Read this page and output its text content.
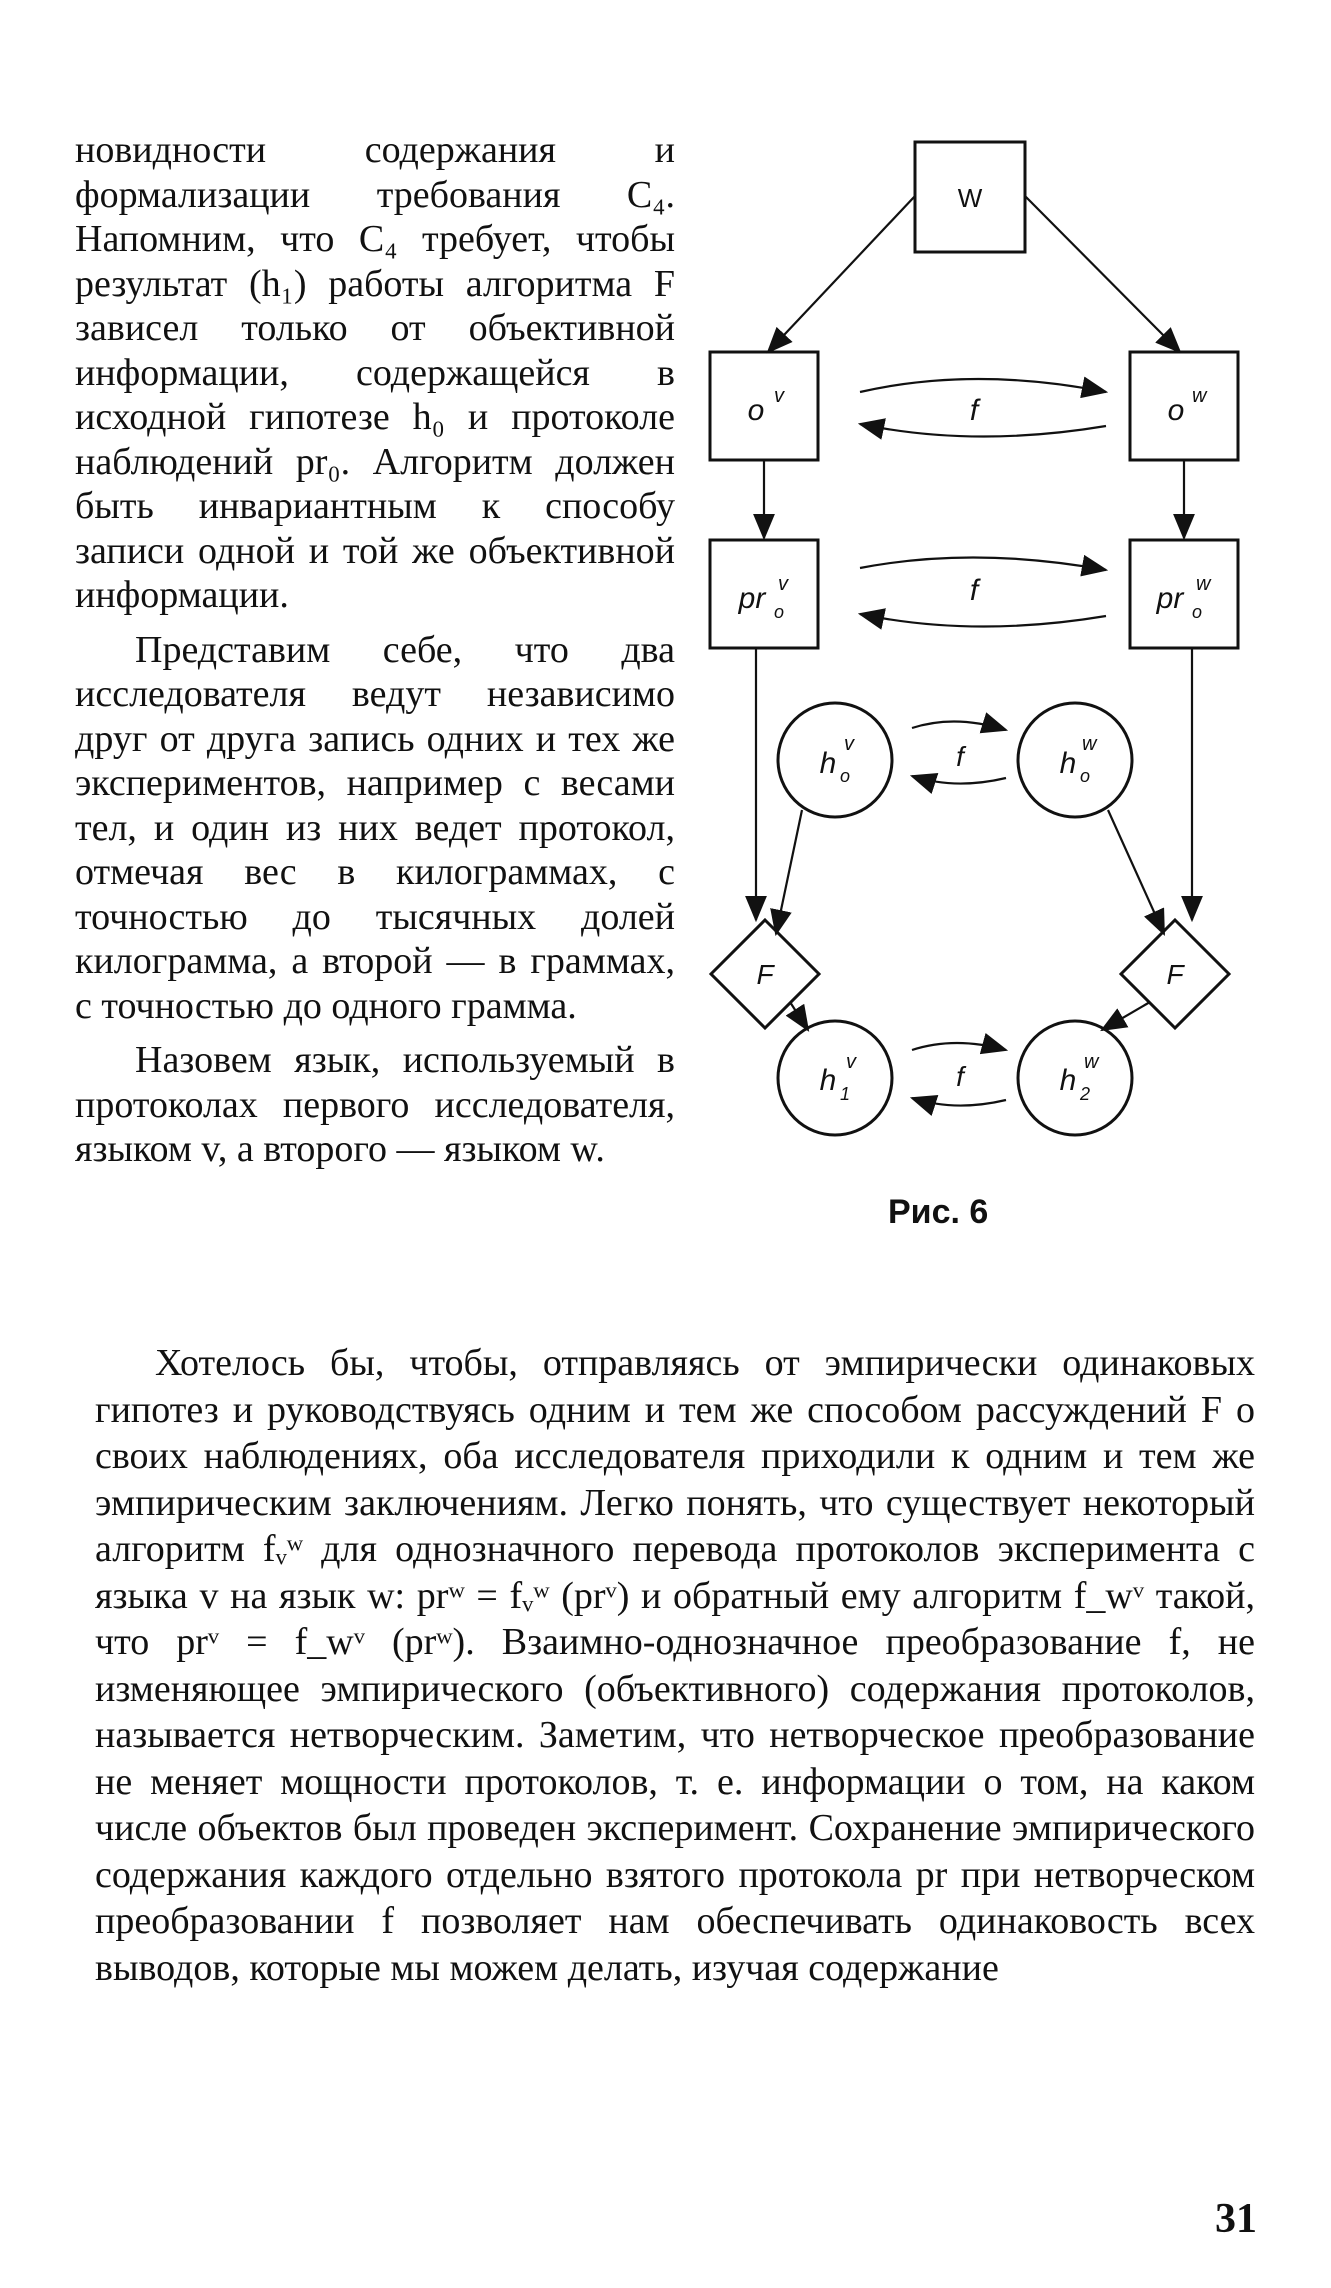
новидности содержания и формализации требования C₄. Напомним, что C₄ требует, чтобы результат (h₁) работы алгоритма F зависел только от объективной информации, содержащейся в исходной гипотезе h₀ и протоколе наблюдений pr₀. Алгоритм должен быть инвариантным к способу записи одной и той же объективной информации.

Представим себе, что два исследователя ведут независимо друг от друга запись одних и тех же экспериментов, например с весами тел, и один из них ведет протокол, отмечая вес в килограммах, с точностью до тысячных долей килограмма, а второй — в граммах, с точностью до одного грамма.

Назовем язык, используемый в протоколах первого исследователя, языком v, а второго — языком w.

W
o v	o w
pr o
v	pr o
w
h o
v
h o
w
F	F
h 1
v
h 2
w
f
f
f
f
Рис. 6

Хотелось бы, чтобы, отправляясь от эмпирически одинаковых гипотез и руководствуясь одним и тем же способом рассуждений F о своих наблюдениях, оба исследователя приходили к одним и тем же эмпирическим заключениям. Легко понять, что существует некоторый алгоритм fᵥʷ для однозначного перевода протоколов эксперимента с языка v на язык w: prʷ = fᵥʷ (prᵛ) и обратный ему алгоритм f_wᵛ такой, что prᵛ = f_wᵛ (prʷ). Взаимно-однозначное преобразование f, не изменяющее эмпирического (объективного) содержания протоколов, называется нетворческим. Заметим, что нетворческое преобразование не меняет мощности протоколов, т. е. информации о том, на каком числе объектов был проведен эксперимент. Сохранение эмпирического содержания каждого отдельно взятого протокола pr при нетворческом преобразовании f позволяет нам обеспечивать одинаковость всех выводов, которые мы можем делать, изучая содержание

31
